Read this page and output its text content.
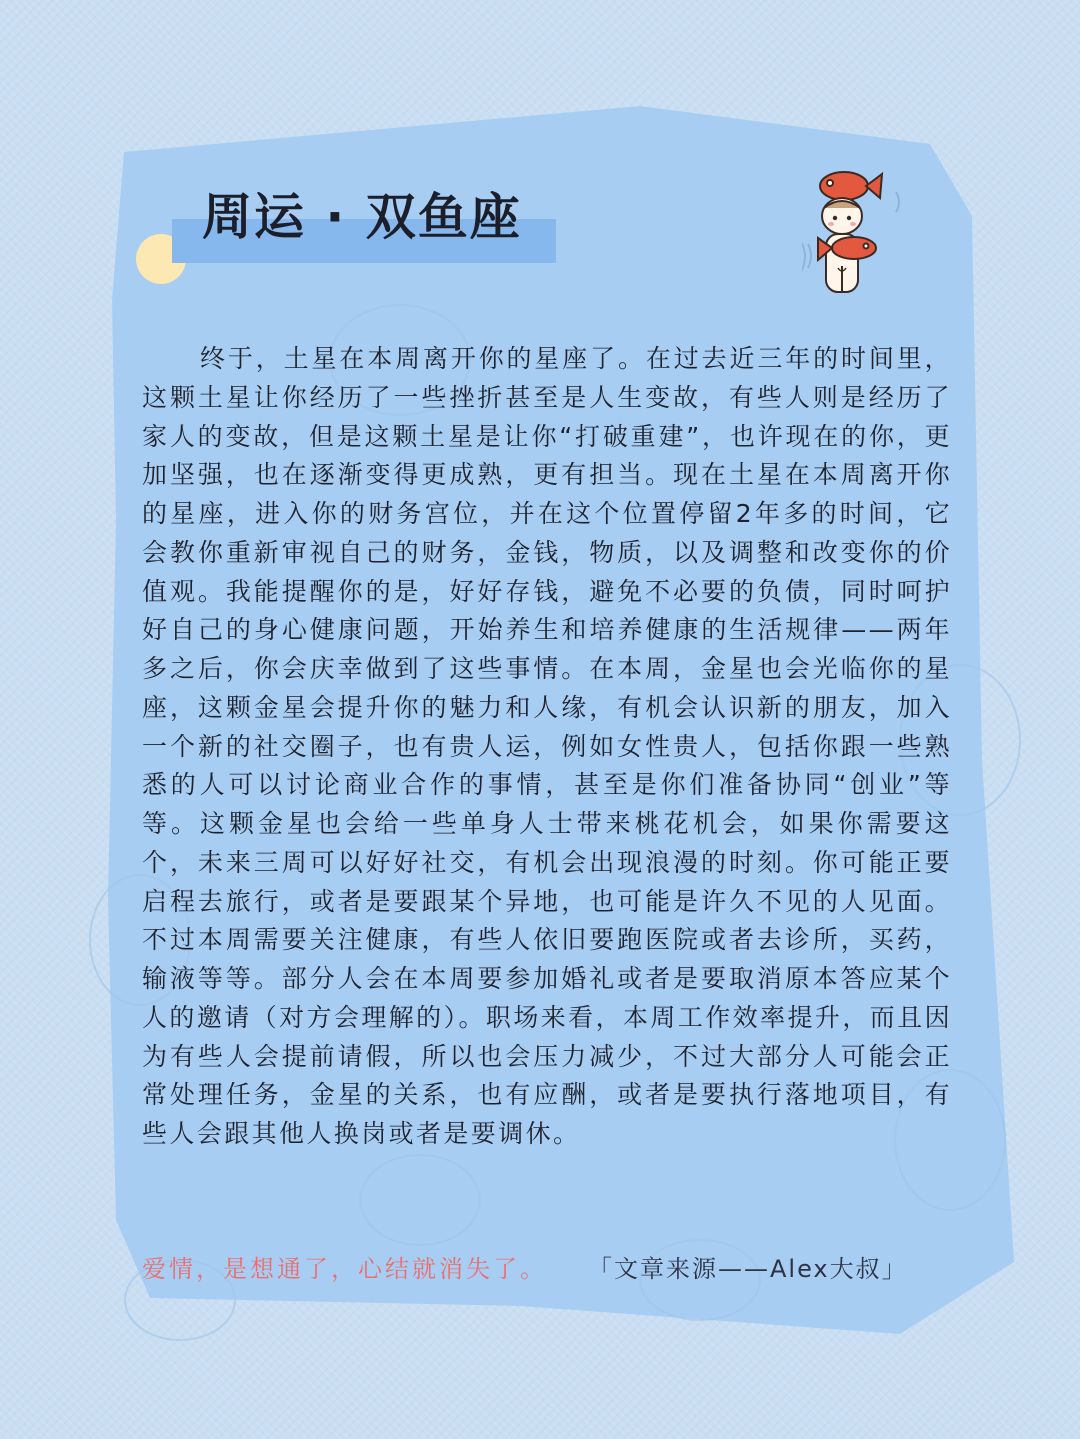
周运 · 双鱼座

终于，土星在本周离开你的星座了。在过去近三年的时间里，这颗土星让你经历了一些挫折甚至是人生变故，有些人则是经历了家人的变故，但是这颗土星是让你“打破重建”，也许现在的你，更加坚强，也在逐渐变得更成熟，更有担当。现在土星在本周离开你的星座，进入你的财务宫位，并在这个位置停留2年多的时间，它会教你重新审视自己的财务，金钱，物质，以及调整和改变你的价值观。我能提醒你的是，好好存钱，避免不必要的负债，同时呵护好自己的身心健康问题，开始养生和培养健康的生活规律——两年多之后，你会庆幸做到了这些事情。在本周，金星也会光临你的星座，这颗金星会提升你的魅力和人缘，有机会认识新的朋友，加入一个新的社交圈子，也有贵人运，例如女性贵人，包括你跟一些熟悉的人可以讨论商业合作的事情，甚至是你们准备协同“创业”等等。这颗金星也会给一些单身人士带来桃花机会，如果你需要这个，未来三周可以好好社交，有机会出现浪漫的时刻。你可能正要启程去旅行，或者是要跟某个异地，也可能是许久不见的人见面。不过本周需要关注健康，有些人依旧要跑医院或者去诊所，买药，输液等等。部分人会在本周要参加婚礼或者是要取消原本答应某个人的邀请（对方会理解的）。职场来看，本周工作效率提升，而且因为有些人会提前请假，所以也会压力减少，不过大部分人可能会正常处理任务，金星的关系，也有应酬，或者是要执行落地项目，有些人会跟其他人换岗或者是要调休。

爱情，是想通了，心结就消失了。 「文章来源——Alex大叔」
